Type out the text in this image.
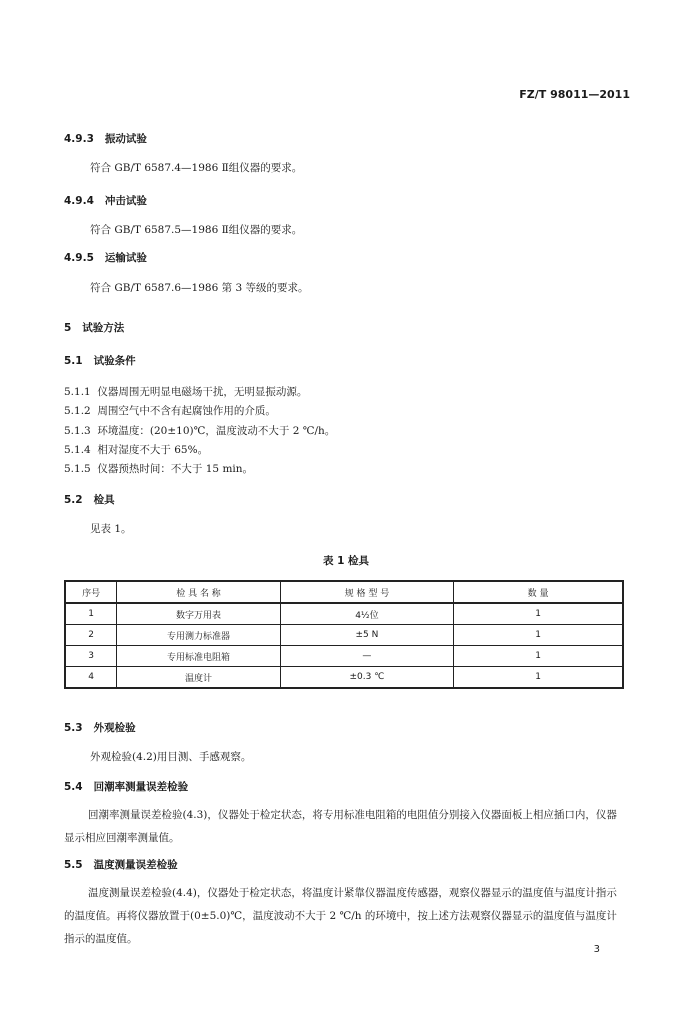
FZ/T 98011—2011
4.9.3 振动试验
符合 GB/T 6587.4—1986 Ⅱ组仪器的要求。
4.9.4 冲击试验
符合 GB/T 6587.5—1986 Ⅱ组仪器的要求。
4.9.5 运输试验
符合 GB/T 6587.6—1986 第 3 等级的要求。
5 试验方法
5.1 试验条件
5.1.1 仪器周围无明显电磁场干扰，无明显振动源。
5.1.2 周围空气中不含有起腐蚀作用的介质。
5.1.3 环境温度：(20±10)℃，温度波动不大于 2 ℃/h。
5.1.4 相对湿度不大于 65%。
5.1.5 仪器预热时间：不大于 15 min。
5.2 检具
见表 1。
表 1 检具
序号	检 具 名 称	规 格 型 号	数 量
1	数字万用表	4½位	1
2	专用测力标准器	±5 N	1
3	专用标准电阻箱	—	1
4	温度计	±0.3 ℃	1
5.3 外观检验
外观检验(4.2)用目测、手感观察。
5.4 回潮率测量误差检验
回潮率测量误差检验(4.3)，仪器处于检定状态，将专用标准电阻箱的电阻值分别接入仪器面板上相应插口内，仪器显示相应回潮率测量值。
5.5 温度测量误差检验
温度测量误差检验(4.4)，仪器处于检定状态，将温度计紧靠仪器温度传感器，观察仪器显示的温度值与温度计指示的温度值。再将仪器放置于(0±5.0)℃，温度波动不大于 2 ℃/h 的环境中，按上述方法观察仪器显示的温度值与温度计指示的温度值。
3
